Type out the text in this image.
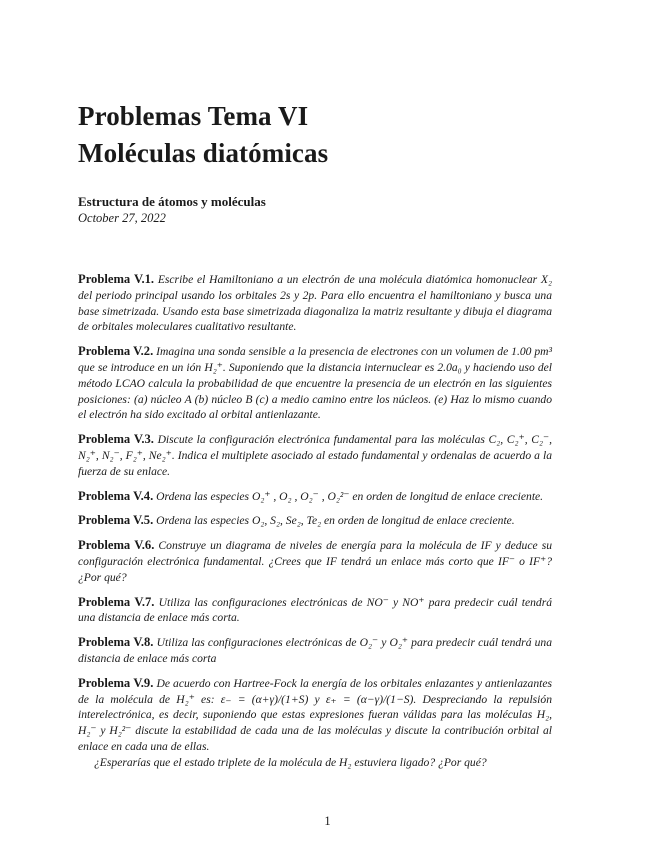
Problemas Tema VI
Moléculas diatómicas
Estructura de átomos y moléculas
October 27, 2022

Problema V.1. Escribe el Hamiltoniano a un electrón de una molécula diatómica homonuclear X₂ del periodo principal usando los orbitales 2s y 2p. Para ello encuentra el hamiltoniano y busca una base simetrizada. Usando esta base simetrizada diagonaliza la matriz resultante y dibuja el diagrama de orbitales moleculares cualitativo resultante.

Problema V.2. Imagina una sonda sensible a la presencia de electrones con un volumen de 1.00 pm³ que se introduce en un ión H₂⁺. Suponiendo que la distancia internuclear es 2.0a₀ y haciendo uso del método LCAO calcula la probabilidad de que encuentre la presencia de un electrón en las siguientes posiciones: (a) núcleo A (b) núcleo B (c) a medio camino entre los núcleos. (e) Haz lo mismo cuando el electrón ha sido excitado al orbital antienlazante.

Problema V.3. Discute la configuración electrónica fundamental para las moléculas C₂, C₂⁺, C₂⁻, N₂⁺, N₂⁻, F₂⁺, Ne₂⁺. Indica el multiplete asociado al estado fundamental y ordenalas de acuerdo a la fuerza de su enlace.

Problema V.4. Ordena las especies O₂⁺ , O₂ , O₂⁻ , O₂²⁻ en orden de longitud de enlace creciente.

Problema V.5. Ordena las especies O₂, S₂, Se₂, Te₂ en orden de longitud de enlace creciente.

Problema V.6. Construye un diagrama de niveles de energía para la molécula de IF y deduce su configuración electrónica fundamental. ¿Crees que IF tendrá un enlace más corto que IF⁻ o IF⁺? ¿Por qué?

Problema V.7. Utiliza las configuraciones electrónicas de NO⁻ y NO⁺ para predecir cuál tendrá una distancia de enlace más corta.

Problema V.8. Utiliza las configuraciones electrónicas de O₂⁻ y O₂⁺ para predecir cuál tendrá una distancia de enlace más corta

Problema V.9. De acuerdo con Hartree-Fock la energía de los orbitales enlazantes y antienlazantes de la molécula de H₂⁺ es: ε₋ = (α+γ)/(1+S) y ε₊ = (α−γ)/(1−S). Despreciando la repulsión interelectrónica, es decir, suponiendo que estas expresiones fueran válidas para las moléculas H₂, H₂⁻ y H₂²⁻ discute la estabilidad de cada una de las moléculas y discute la contribución orbital al enlace en cada una de ellas.
¿Esperarías que el estado triplete de la molécula de H₂ estuviera ligado? ¿Por qué?

1
